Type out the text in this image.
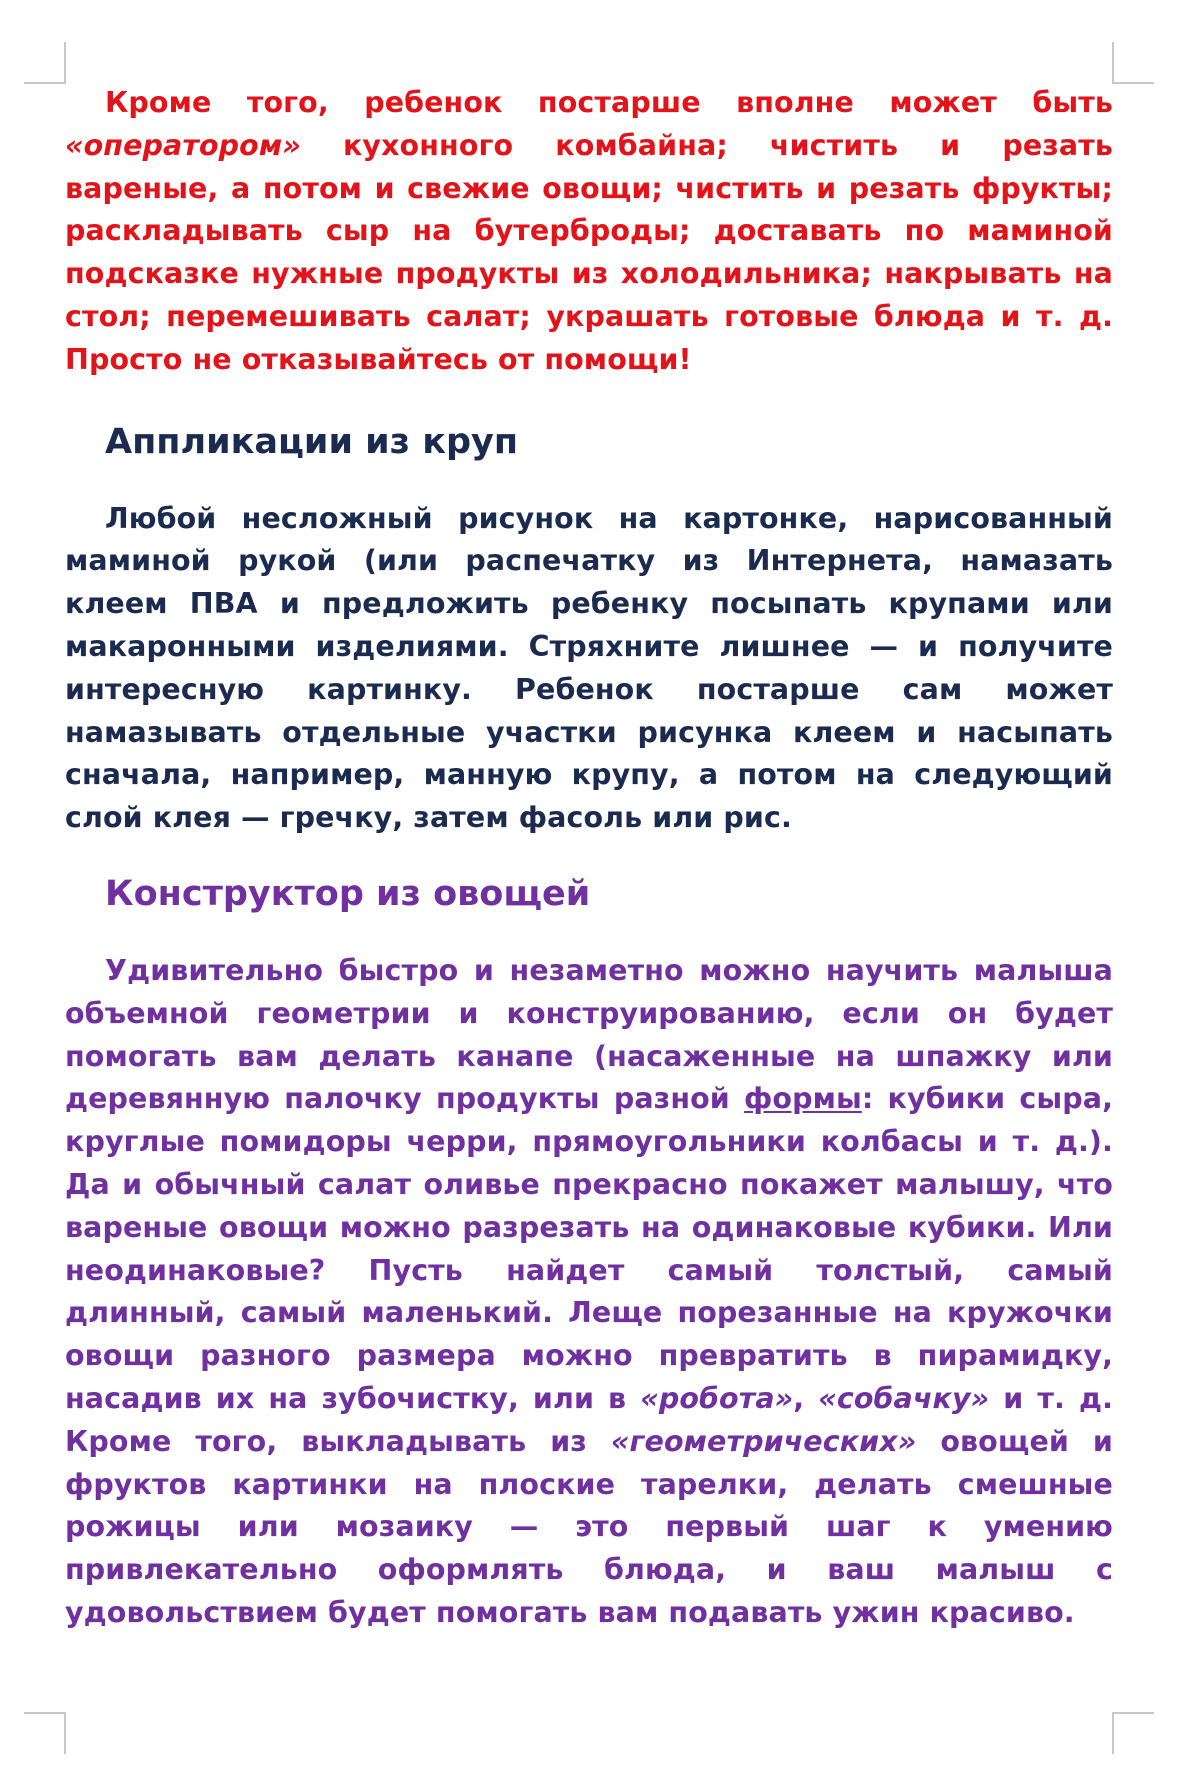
Кроме того, ребенок постарше вполне может быть «оператором» кухонного комбайна; чистить и резать вареные, а потом и свежие овощи; чистить и резать фрукты; раскладывать сыр на бутерброды; доставать по маминой подсказке нужные продукты из холодильника; накрывать на стол; перемешивать салат; украшать готовые блюда и т. д. Просто не отказывайтесь от помощи!

Аппликации из круп

Любой несложный рисунок на картонке, нарисованный маминой рукой (или распечатку из Интернета, намазать клеем ПВА и предложить ребенку посыпать крупами или макаронными изделиями. Стряхните лишнее — и получите интересную картинку. Ребенок постарше сам может намазывать отдельные участки рисунка клеем и насыпать сначала, например, манную крупу, а потом на следующий слой клея — гречку, затем фасоль или рис.

Конструктор из овощей

Удивительно быстро и незаметно можно научить малыша объемной геометрии и конструированию, если он будет помогать вам делать канапе (насаженные на шпажку или деревянную палочку продукты разной формы: кубики сыра, круглые помидоры черри, прямоугольники колбасы и т. д.). Да и обычный салат оливье прекрасно покажет малышу, что вареные овощи можно разрезать на одинаковые кубики. Или неодинаковые? Пусть найдет самый толстый, самый длинный, самый маленький. Леще порезанные на кружочки овощи разного размера можно превратить в пирамидку, насадив их на зубочистку, или в «робота», «собачку» и т. д. Кроме того, выкладывать из «геометрических» овощей и фруктов картинки на плоские тарелки, делать смешные рожицы или мозаику — это первый шаг к умению привлекательно оформлять блюда, и ваш малыш с удовольствием будет помогать вам подавать ужин красиво.
